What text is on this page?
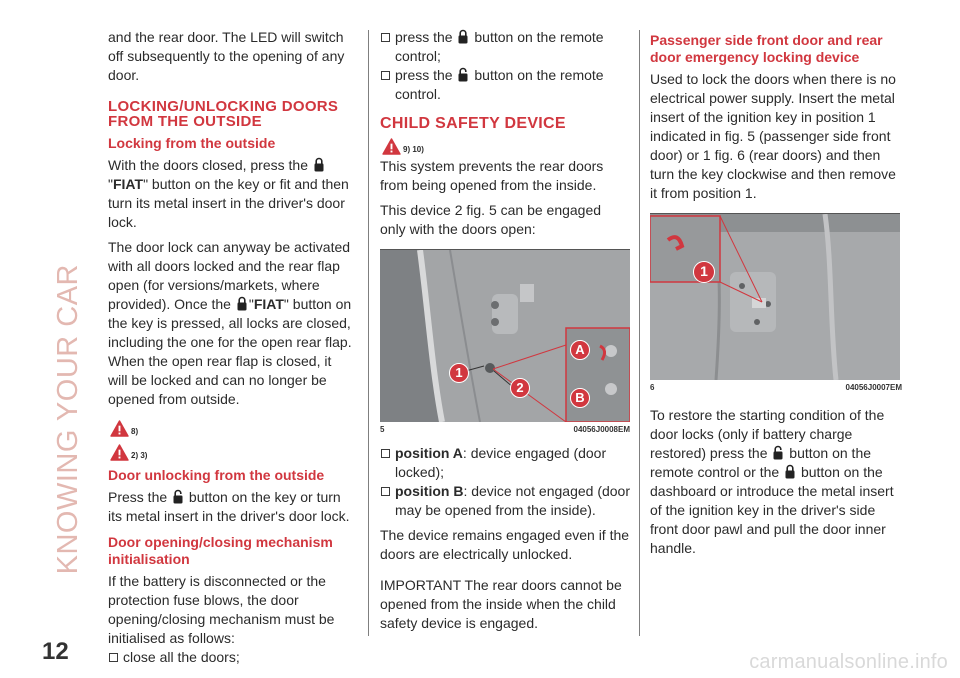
KNOWING YOUR CAR

and the rear door. The LED will switch off subsequently to the opening of any door.

LOCKING/UNLOCKING DOORS FROM THE OUTSIDE
Locking from the outside

With the doors closed, press the "FIAT" button on the key or fit and then turn its metal insert in the driver's door lock.

The door lock can anyway be activated with all doors locked and the rear flap open (for versions/markets, where provided). Once the "FIAT" button on the key is pressed, all locks are closed, including the one for the open rear flap. When the open rear flap is closed, it will be locked and can no longer be opened from outside.

8)
2) 3)
Door unlocking from the outside

Press the button on the key or turn its metal insert in the driver's door lock.

Door opening/closing mechanism initialisation

If the battery is disconnected or the protection fuse blows, the door opening/closing mechanism must be initialised as follows:

close all the doors;
press the button on the remote control;
press the button on the remote control.
CHILD SAFETY DEVICE
9) 10)

This system prevents the rear doors from being opened from the inside.

This device 2 fig. 5 can be engaged only with the doors open:

1
2
A
B
5	04056J0008EM
position A: device engaged (door locked);
position B: device not engaged (door may be opened from the inside).

The device remains engaged even if the doors are electrically unlocked.

IMPORTANT The rear doors cannot be opened from the inside when the child safety device is engaged.

Passenger side front door and rear door emergency locking device

Used to lock the doors when there is no electrical power supply. Insert the metal insert of the ignition key in position 1 indicated in fig. 5 (passenger side front door) or 1 fig. 6 (rear doors) and then turn the key clockwise and then remove it from position 1.

1
6	04056J0007EM

To restore the starting condition of the door locks (only if battery charge restored) press the button on the remote control or the button on the dashboard or introduce the metal insert of the ignition key in the driver's side front door pawl and pull the door inner handle.

12	carmanualsonline.info
